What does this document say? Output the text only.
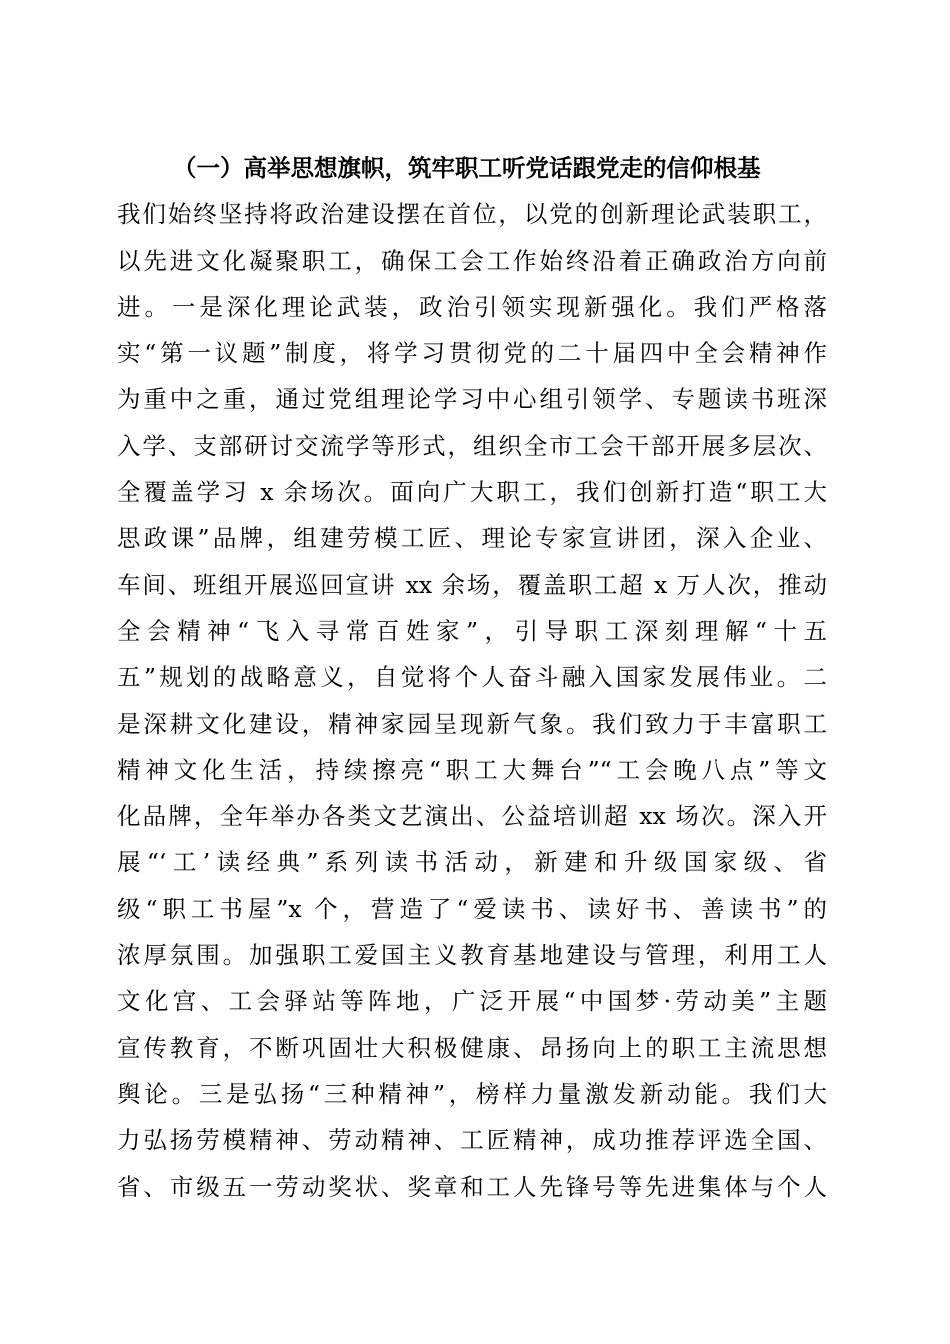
（一）高举思想旗帜，筑牢职工听党话跟党走的信仰根基
我们始终坚持将政治建设摆在首位，以党的创新理论武装职工，
以先进文化凝聚职工，确保工会工作始终沿着正确政治方向前
进。一是深化理论武装，政治引领实现新强化。我们严格落
实“第一议题”制度，将学习贯彻党的二十届四中全会精神作
为重中之重，通过党组理论学习中心组引领学、专题读书班深
入学、支部研讨交流学等形式，组织全市工会干部开展多层次、
全覆盖学习 x 余场次。面向广大职工，我们创新打造“职工大
思政课”品牌，组建劳模工匠、理论专家宣讲团，深入企业、
车间、班组开展巡回宣讲 xx 余场，覆盖职工超 x 万人次，推动
全会精神“飞入寻常百姓家”，引导职工深刻理解“十五
五”规划的战略意义，自觉将个人奋斗融入国家发展伟业。二
是深耕文化建设，精神家园呈现新气象。我们致力于丰富职工
精神文化生活，持续擦亮“职工大舞台”“工会晚八点”等文
化品牌，全年举办各类文艺演出、公益培训超 xx 场次。深入开
展“‘工’读经典”系列读书活动，新建和升级国家级、省
级“职工书屋”x 个，营造了“爱读书、读好书、善读书”的
浓厚氛围。加强职工爱国主义教育基地建设与管理，利用工人
文化宫、工会驿站等阵地，广泛开展“中国梦·劳动美”主题
宣传教育，不断巩固壮大积极健康、昂扬向上的职工主流思想
舆论。三是弘扬“三种精神”，榜样力量激发新动能。我们大
力弘扬劳模精神、劳动精神、工匠精神，成功推荐评选全国、
省、市级五一劳动奖状、奖章和工人先锋号等先进集体与个人
